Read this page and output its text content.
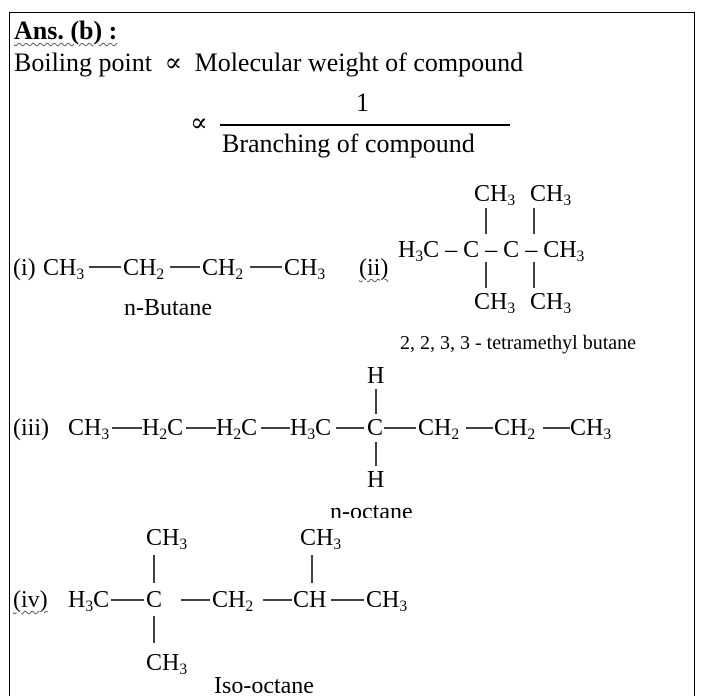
Ans. (b) :
Boiling point ∝ Molecular weight of compound
∝
1
Branching of compound
(i) $CH_3$ $CH_2$ $CH_2$ $CH_3$
n-Butane
(ii)
$CH_3$ $CH_3$
$H_3C$ – C – C – $CH_3$
$CH_3$ $CH_3$
2, 2, 3, 3 - tetramethyl butane
(iii)
H
$CH_3$ $H_2C$ $H_2C$ $H_3C$ C $CH_2$ $CH_2$ $CH_3$
H
n-octane
(iv)
$CH_3$	$CH_3$
$H_3C$ C $CH_2$ CH $CH_3$
$CH_3$
Iso-octane
